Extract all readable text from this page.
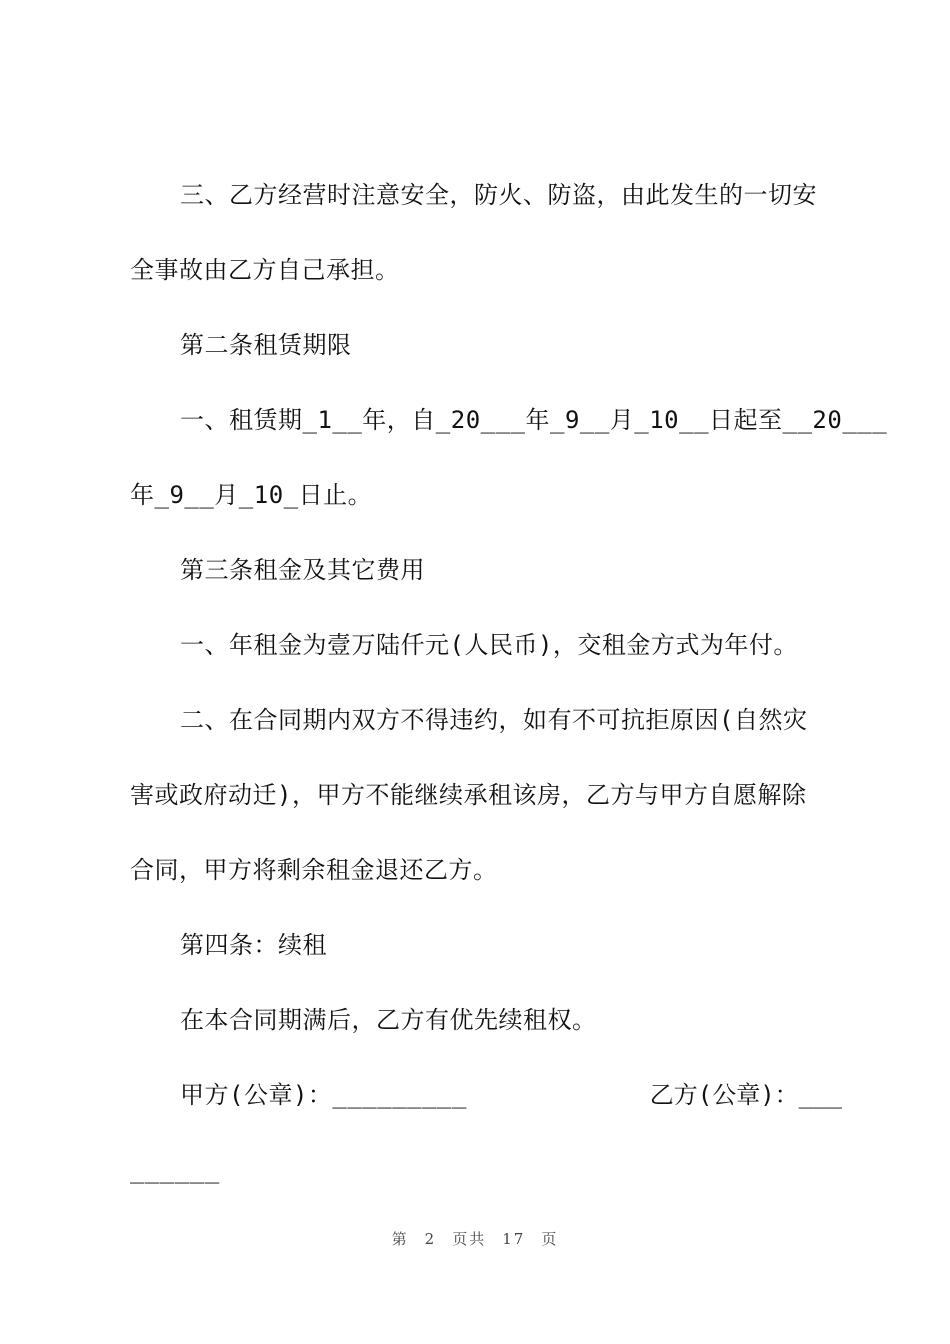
三、乙方经营时注意安全，防火、防盗，由此发生的一切安
全事故由乙方自己承担。
第二条租赁期限
一、租赁期_1__年，自_20___年_9__月_10__日起至__20___
年_9__月_10_日止。
第三条租金及其它费用
一、年租金为壹万陆仟元(人民币)，交租金方式为年付。
二、在合同期内双方不得违约，如有不可抗拒原因(自然灾
害或政府动迁)，甲方不能继续承租该房，乙方与甲方自愿解除
合同，甲方将剩余租金退还乙方。
第四条：续租
在本合同期满后，乙方有优先续租权。
甲方(公章)：_________	乙方(公章)：___
______
第 2 页共 17 页
